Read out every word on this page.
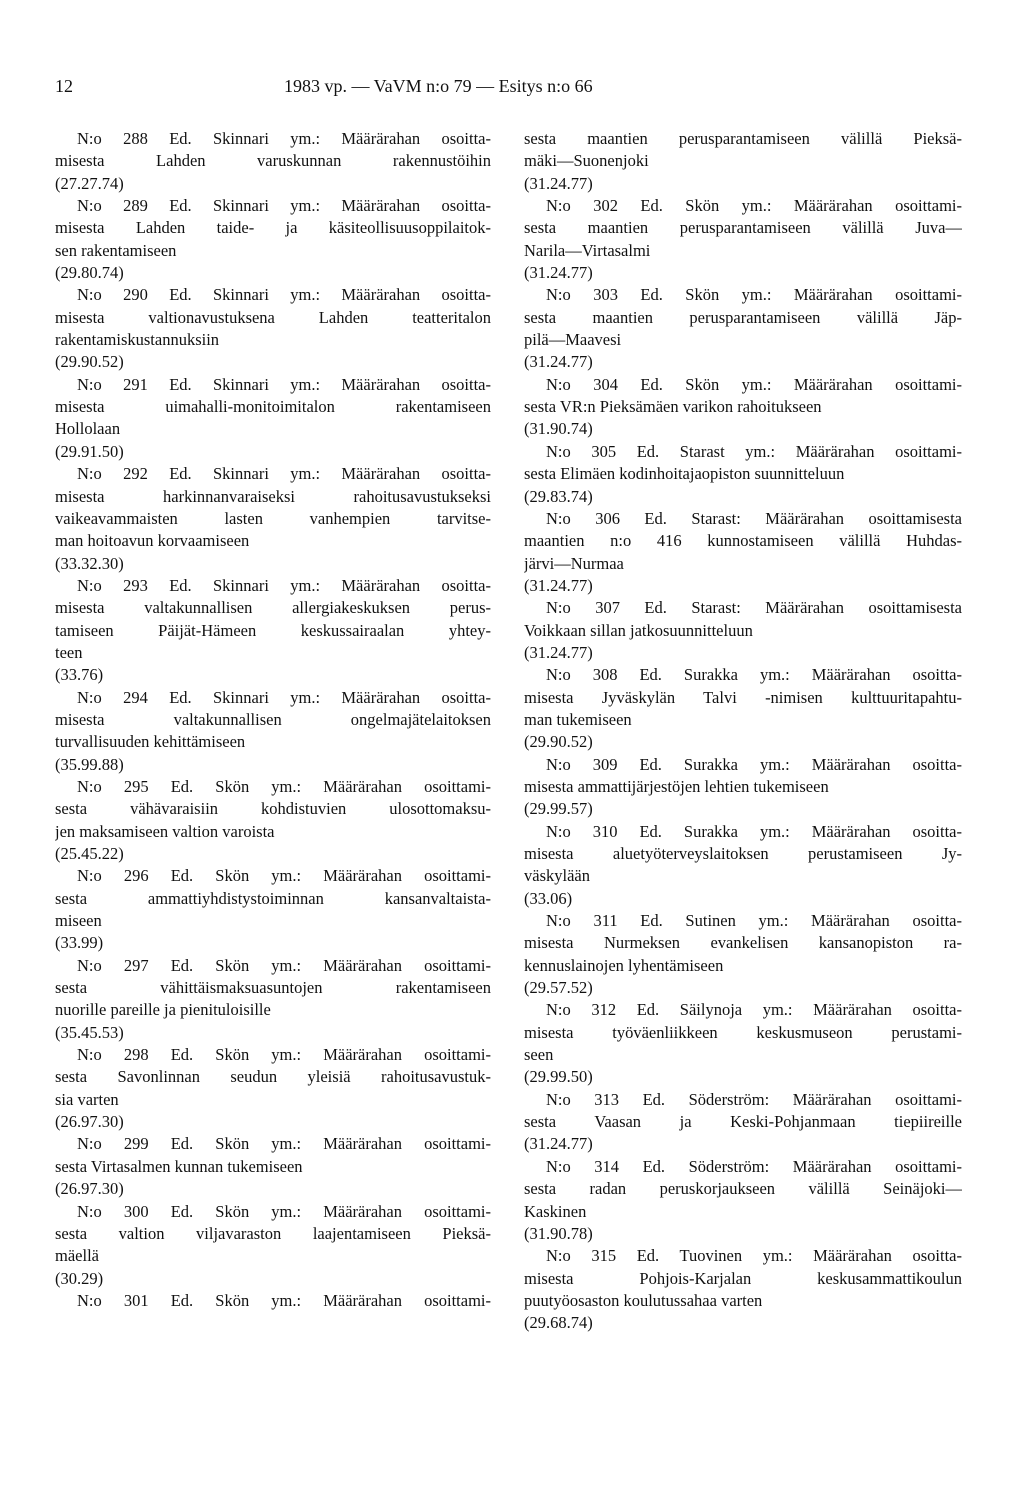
12	1983 vp. — VaVM n:o 79 — Esitys n:o 66
N:o 288 Ed. Skinnari ym.: Määrärahan osoitta-
misesta Lahden varuskunnan rakennustöihin
(27.27.74)
N:o 289 Ed. Skinnari ym.: Määrärahan osoitta-
misesta Lahden taide- ja käsiteollisuusoppilaitok-
sen rakentamiseen
(29.80.74)
N:o 290 Ed. Skinnari ym.: Määrärahan osoitta-
misesta valtionavustuksena Lahden teatteritalon
rakentamiskustannuksiin
(29.90.52)
N:o 291 Ed. Skinnari ym.: Määrärahan osoitta-
misesta uimahalli-monitoimitalon rakentamiseen
Hollolaan
(29.91.50)
N:o 292 Ed. Skinnari ym.: Määrärahan osoitta-
misesta harkinnanvaraiseksi rahoitusavustukseksi
vaikeavammaisten lasten vanhempien tarvitse-
man hoitoavun korvaamiseen
(33.32.30)
N:o 293 Ed. Skinnari ym.: Määrärahan osoitta-
misesta valtakunnallisen allergiakeskuksen perus-
tamiseen Päijät-Hämeen keskussairaalan yhtey-
teen
(33.76)
N:o 294 Ed. Skinnari ym.: Määrärahan osoitta-
misesta valtakunnallisen ongelmajätelaitoksen
turvallisuuden kehittämiseen
(35.99.88)
N:o 295 Ed. Skön ym.: Määrärahan osoittami-
sesta vähävaraisiin kohdistuvien ulosottomaksu-
jen maksamiseen valtion varoista
(25.45.22)
N:o 296 Ed. Skön ym.: Määrärahan osoittami-
sesta ammattiyhdistystoiminnan kansanvaltaista-
miseen
(33.99)
N:o 297 Ed. Skön ym.: Määrärahan osoittami-
sesta vähittäismaksuasuntojen rakentamiseen
nuorille pareille ja pienituloisille
(35.45.53)
N:o 298 Ed. Skön ym.: Määrärahan osoittami-
sesta Savonlinnan seudun yleisiä rahoitusavustuk-
sia varten
(26.97.30)
N:o 299 Ed. Skön ym.: Määrärahan osoittami-
sesta Virtasalmen kunnan tukemiseen
(26.97.30)
N:o 300 Ed. Skön ym.: Määrärahan osoittami-
sesta valtion viljavaraston laajentamiseen Pieksä-
mäellä
(30.29)
N:o 301 Ed. Skön ym.: Määrärahan osoittami-
sesta maantien perusparantamiseen välillä Pieksä-
mäki—Suonenjoki
(31.24.77)
N:o 302 Ed. Skön ym.: Määrärahan osoittami-
sesta maantien perusparantamiseen välillä Juva—
Narila—Virtasalmi
(31.24.77)
N:o 303 Ed. Skön ym.: Määrärahan osoittami-
sesta maantien perusparantamiseen välillä Jäp-
pilä—Maavesi
(31.24.77)
N:o 304 Ed. Skön ym.: Määrärahan osoittami-
sesta VR:n Pieksämäen varikon rahoitukseen
(31.90.74)
N:o 305 Ed. Starast ym.: Määrärahan osoittami-
sesta Elimäen kodinhoitajaopiston suunnitteluun
(29.83.74)
N:o 306 Ed. Starast: Määrärahan osoittamisesta
maantien n:o 416 kunnostamiseen välillä Huhdas-
järvi—Nurmaa
(31.24.77)
N:o 307 Ed. Starast: Määrärahan osoittamisesta
Voikkaan sillan jatkosuunnitteluun
(31.24.77)
N:o 308 Ed. Surakka ym.: Määrärahan osoitta-
misesta Jyväskylän Talvi -nimisen kulttuuritapahtu-
man tukemiseen
(29.90.52)
N:o 309 Ed. Surakka ym.: Määrärahan osoitta-
misesta ammattijärjestöjen lehtien tukemiseen
(29.99.57)
N:o 310 Ed. Surakka ym.: Määrärahan osoitta-
misesta aluetyöterveyslaitoksen perustamiseen Jy-
väskylään
(33.06)
N:o 311 Ed. Sutinen ym.: Määrärahan osoitta-
misesta Nurmeksen evankelisen kansanopiston ra-
kennuslainojen lyhentämiseen
(29.57.52)
N:o 312 Ed. Säilynoja ym.: Määrärahan osoitta-
misesta työväenliikkeen keskusmuseon perustami-
seen
(29.99.50)
N:o 313 Ed. Söderström: Määrärahan osoittami-
sesta Vaasan ja Keski-Pohjanmaan tiepiireille
(31.24.77)
N:o 314 Ed. Söderström: Määrärahan osoittami-
sesta radan peruskorjaukseen välillä Seinäjoki—
Kaskinen
(31.90.78)
N:o 315 Ed. Tuovinen ym.: Määrärahan osoitta-
misesta Pohjois-Karjalan keskusammattikoulun
puutyöosaston koulutussahaa varten
(29.68.74)
